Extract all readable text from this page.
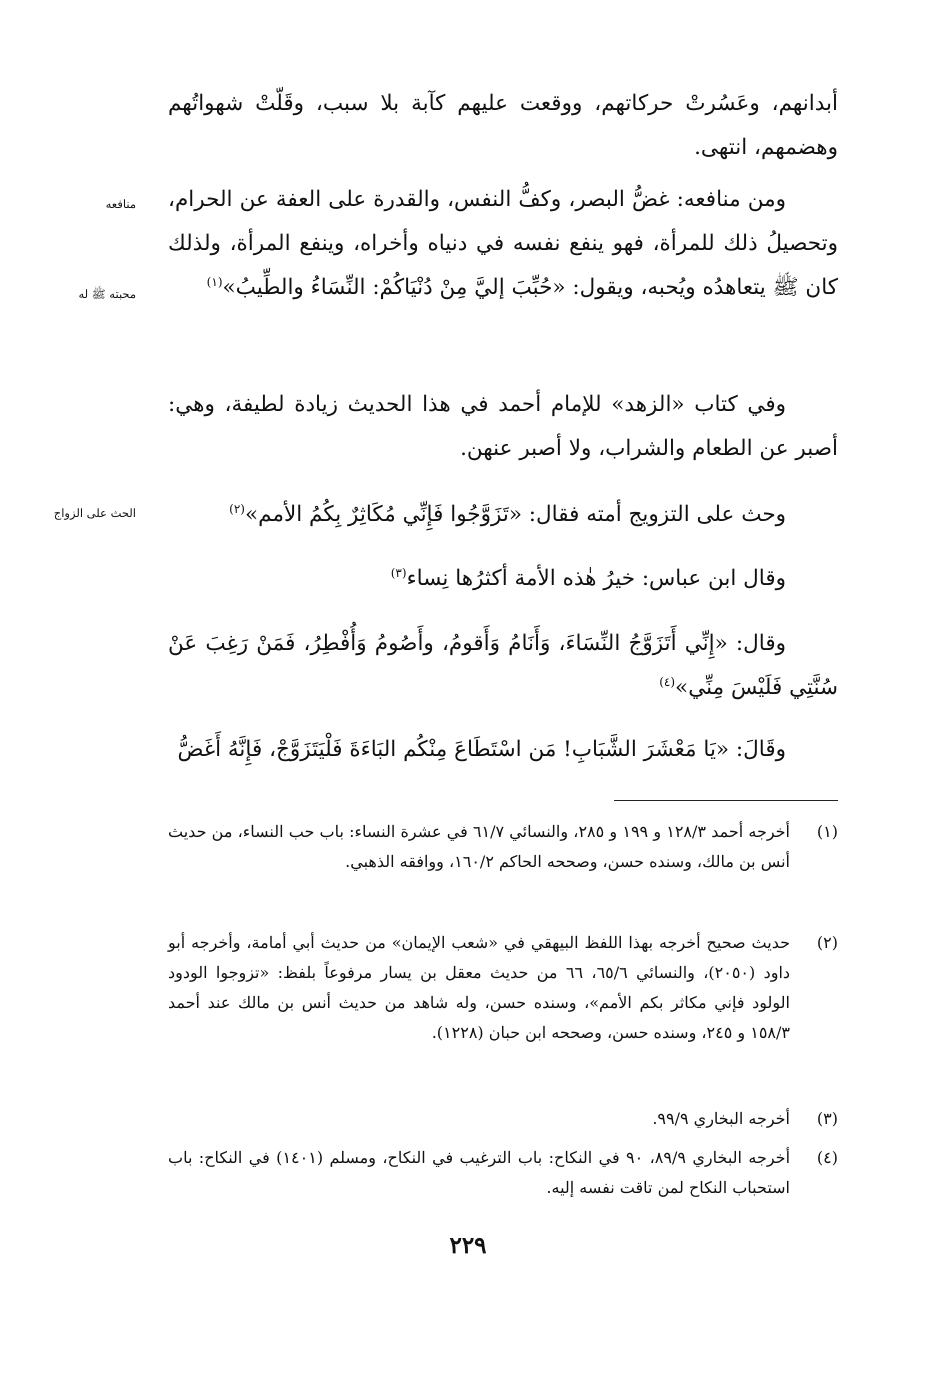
أبدانهم، وعَسُرتْ حركاتهم، ووقعت عليهم كآبة بلا سبب، وقَلّتْ شهواتُهم وهضمهم، انتهى.

ومن منافعه: غضُّ البصر، وكفُّ النفس، والقدرة على العفة عن الحرام، وتحصيلُ ذلك للمرأة، فهو ينفع نفسه في دنياه وأخراه، وينفع المرأة، ولذلك كان ﷺ يتعاهدُه ويُحبه، ويقول: «حُبِّبَ إليَّ مِنْ دُنْيَاكُمْ: النِّسَاءُ والطِّيبُ»$^{(١)}$

وفي كتاب «الزهد» للإمام أحمد في هذا الحديث زيادة لطيفة، وهي: أصبر عن الطعام والشراب، ولا أصبر عنهن.

وحث على التزويج أمته فقال: «تَزَوَّجُوا فَإِنِّي مُكَاثِرٌ بِكُمُ الأمم»$^{(٢)}$

وقال ابن عباس: خيرُ هٰذه الأمة أكثرُها نِساء$^{(٣)}$

وقال: «إِنِّي أَتَزَوَّجُ النِّسَاءَ، وَأَنَامُ وَأَقومُ، وأَصُومُ وَأُفْطِرُ، فَمَنْ رَغِبَ عَنْ سُنَّتِي فَلَيْسَ مِنِّي»$^{(٤)}$

وقَالَ: «يَا مَعْشَرَ الشَّبَابِ! مَن اسْتَطَاعَ مِنْكُم البَاءَةَ فَلْيَتَزَوَّجْ، فَإِنَّهُ أَغَضُّ

منافعه
محبته ﷺ له
الحث على الزواج
(١)
أخرجه أحمد ١٢٨/٣ و ١٩٩ و ٢٨٥، والنسائي ٦١/٧ في عشرة النساء: باب حب النساء، من حديث أنس بن مالك، وسنده حسن، وصححه الحاكم ١٦٠/٢، ووافقه الذهبي.
(٢)
حديث صحيح أخرجه بهذا اللفظ البيهقي في «شعب الإيمان» من حديث أبي أمامة، وأخرجه أبو داود (٢٠٥٠)، والنسائي ٦٥/٦، ٦٦ من حديث معقل بن يسار مرفوعاً بلفظ: «تزوجوا الودود الولود فإني مكاثر بكم الأمم»، وسنده حسن، وله شاهد من حديث أنس بن مالك عند أحمد ١٥٨/٣ و ٢٤٥، وسنده حسن، وصححه ابن حبان (١٢٢٨).
(٣)
أخرجه البخاري ٩٩/٩.
(٤)
أخرجه البخاري ٨٩/٩، ٩٠ في النكاح: باب الترغيب في النكاح، ومسلم (١٤٠١) في النكاح: باب استحباب النكاح لمن تاقت نفسه إليه.
٢٢٩
